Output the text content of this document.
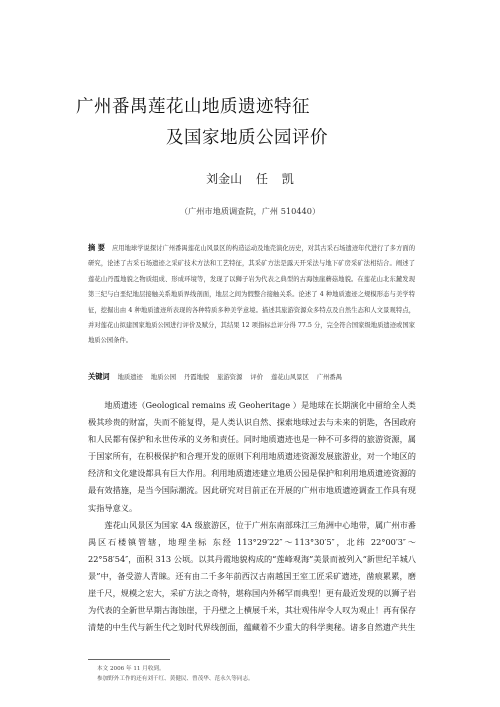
广州番禺莲花山地质遗迹特征
及国家地质公园评价
刘金山 任 凯
（广州市地质调查院，广州 510440）
摘 要 应用地球学说探讨广州番禺莲花山风景区的构造运动及地壳演化历史，对其古采石场遗迹年代进行了多方面的研究，论述了古采石场遗迹之采矿技术方法和工艺特征，其采矿方法是露天开采法与地下矿房采矿法相结合。阐述了莲花山丹霞地貌之物质组成、形成环境等，发现了以狮子岩为代表之典型的古海蚀崖蘑菇地貌。在莲花山北东麓发现第三纪与白垩纪地层接触关系地质界线剖面，地层之间为假整合接触关系。论述了 4 种地质遗迹之规模形态与美学特征，挖掘出由 4 种地质遗迹所表现的各种特质多种美学意境。描述其旅游资源众多特点及自然生态和人文景观特点，并对莲花山拟建国家地质公园进行评价及赋分，其结果 12 项指标总评分得 77.5 分，完全符合国家级地质遗迹或国家地质公园条件。
关键词 地质遗迹 地质公园 丹霞地貌 旅游资源 评价 莲花山风景区 广州番禺

地质遗迹（Geological remains 或 Geoheritage ）是地球在长期演化中留给全人类极其珍贵的财富，失而不能复得，是人类认识自然、探索地球过去与未来的钥匙，各国政府和人民都有保护和永世传承的义务和责任。同时地质遗迹也是一种不可多得的旅游资源，属于国家所有，在积极保护和合理开发的原则下利用地质遗迹资源发展旅游业，对一个地区的经济和文化建设都具有巨大作用。利用地质遗迹建立地质公园是保护和利用地质遗迹资源的最有效措施，是当今国际潮流。因此研究对目前正在开展的广州市地质遗迹调查工作具有现实指导意义。

莲花山风景区为国家 4A 级旅游区，位于广州东南部珠江三角洲中心地带，属广州市番禺区石楼镇管辖，地理坐标 东经 113°29′22″～113°30′5″，北纬 22°00′3″～22°58′54″，面积 313 公顷。以其丹霞地貌构成的“莲峰观海”美景而被列入“新世纪羊城八景”中，备受游人青睐。还有由二千多年前西汉古南越国王室工匠采矿遗迹，凿痕累累，磨崖千尺，规模之宏大，采矿方法之奇特，堪称国内外稀罕而典型！更有最近发现的以狮子岩为代表的全新世早期古海蚀崖，于丹壁之上横展千米，其壮观伟岸令人叹为观止！再有保存清楚的中生代与新生代之划时代界线剖面，蕴藏着不少重大的科学奥秘。诸多自然遗产共生

本文 2006 年 11 月收到。
参加野外工作的还有刘千红、黄健民、曾茂华、范永久等同志。
